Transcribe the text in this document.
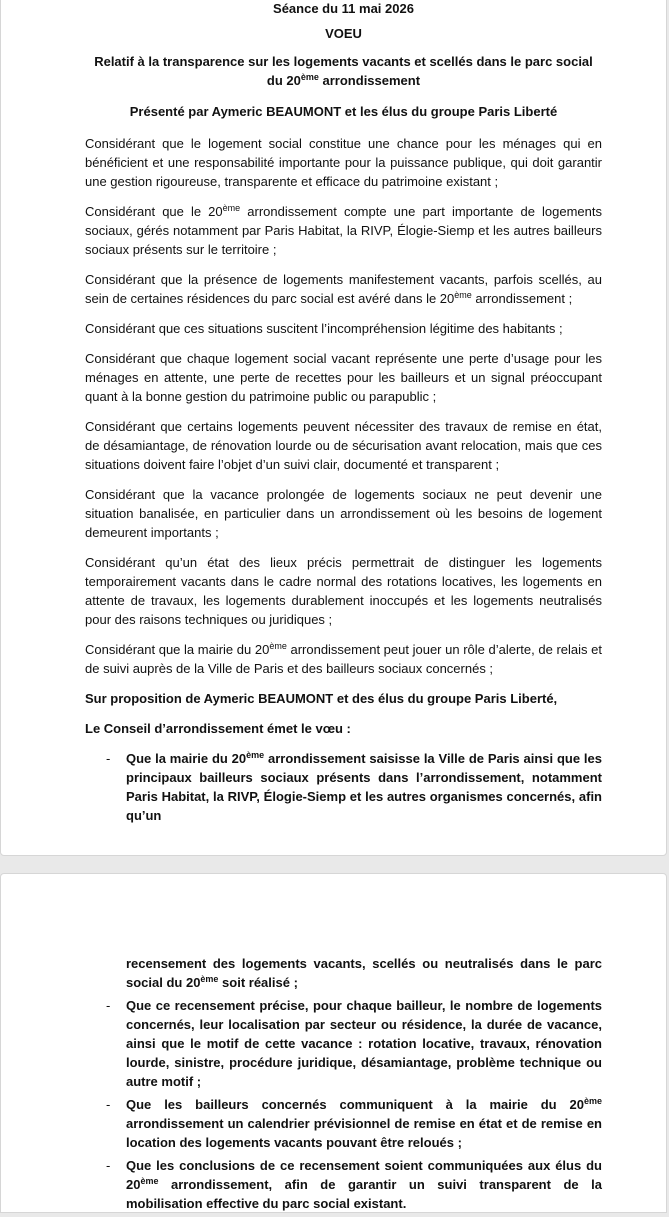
Séance du 11 mai 2026
VOEU
Relatif à la transparence sur les logements vacants et scellés dans le parc social du 20ème arrondissement
Présenté par Aymeric BEAUMONT et les élus du groupe Paris Liberté

Considérant que le logement social constitue une chance pour les ménages qui en bénéficient et une responsabilité importante pour la puissance publique, qui doit garantir une gestion rigoureuse, transparente et efficace du patrimoine existant ;

Considérant que le 20ème arrondissement compte une part importante de logements sociaux, gérés notamment par Paris Habitat, la RIVP, Élogie-Siemp et les autres bailleurs sociaux présents sur le territoire ;

Considérant que la présence de logements manifestement vacants, parfois scellés, au sein de certaines résidences du parc social est avéré dans le 20ème arrondissement ;

Considérant que ces situations suscitent l’incompréhension légitime des habitants ;

Considérant que chaque logement social vacant représente une perte d’usage pour les ménages en attente, une perte de recettes pour les bailleurs et un signal préoccupant quant à la bonne gestion du patrimoine public ou parapublic ;

Considérant que certains logements peuvent nécessiter des travaux de remise en état, de désamiantage, de rénovation lourde ou de sécurisation avant relocation, mais que ces situations doivent faire l’objet d’un suivi clair, documenté et transparent ;

Considérant que la vacance prolongée de logements sociaux ne peut devenir une situation banalisée, en particulier dans un arrondissement où les besoins de logement demeurent importants ;

Considérant qu’un état des lieux précis permettrait de distinguer les logements temporairement vacants dans le cadre normal des rotations locatives, les logements en attente de travaux, les logements durablement inoccupés et les logements neutralisés pour des raisons techniques ou juridiques ;

Considérant que la mairie du 20ème arrondissement peut jouer un rôle d’alerte, de relais et de suivi auprès de la Ville de Paris et des bailleurs sociaux concernés ;

Sur proposition de Aymeric BEAUMONT et des élus du groupe Paris Liberté,

Le Conseil d’arrondissement émet le vœu :

- Que la mairie du 20ème arrondissement saisisse la Ville de Paris ainsi que les principaux bailleurs sociaux présents dans l’arrondissement, notamment Paris Habitat, la RIVP, Élogie-Siemp et les autres organismes concernés, afin qu’un
recensement des logements vacants, scellés ou neutralisés dans le parc social du 20ème soit réalisé ;
- Que ce recensement précise, pour chaque bailleur, le nombre de logements concernés, leur localisation par secteur ou résidence, la durée de vacance, ainsi que le motif de cette vacance : rotation locative, travaux, rénovation lourde, sinistre, procédure juridique, désamiantage, problème technique ou autre motif ;
- Que les bailleurs concernés communiquent à la mairie du 20ème arrondissement un calendrier prévisionnel de remise en état et de remise en location des logements vacants pouvant être reloués ;
- Que les conclusions de ce recensement soient communiquées aux élus du 20ème arrondissement, afin de garantir un suivi transparent de la mobilisation effective du parc social existant.
